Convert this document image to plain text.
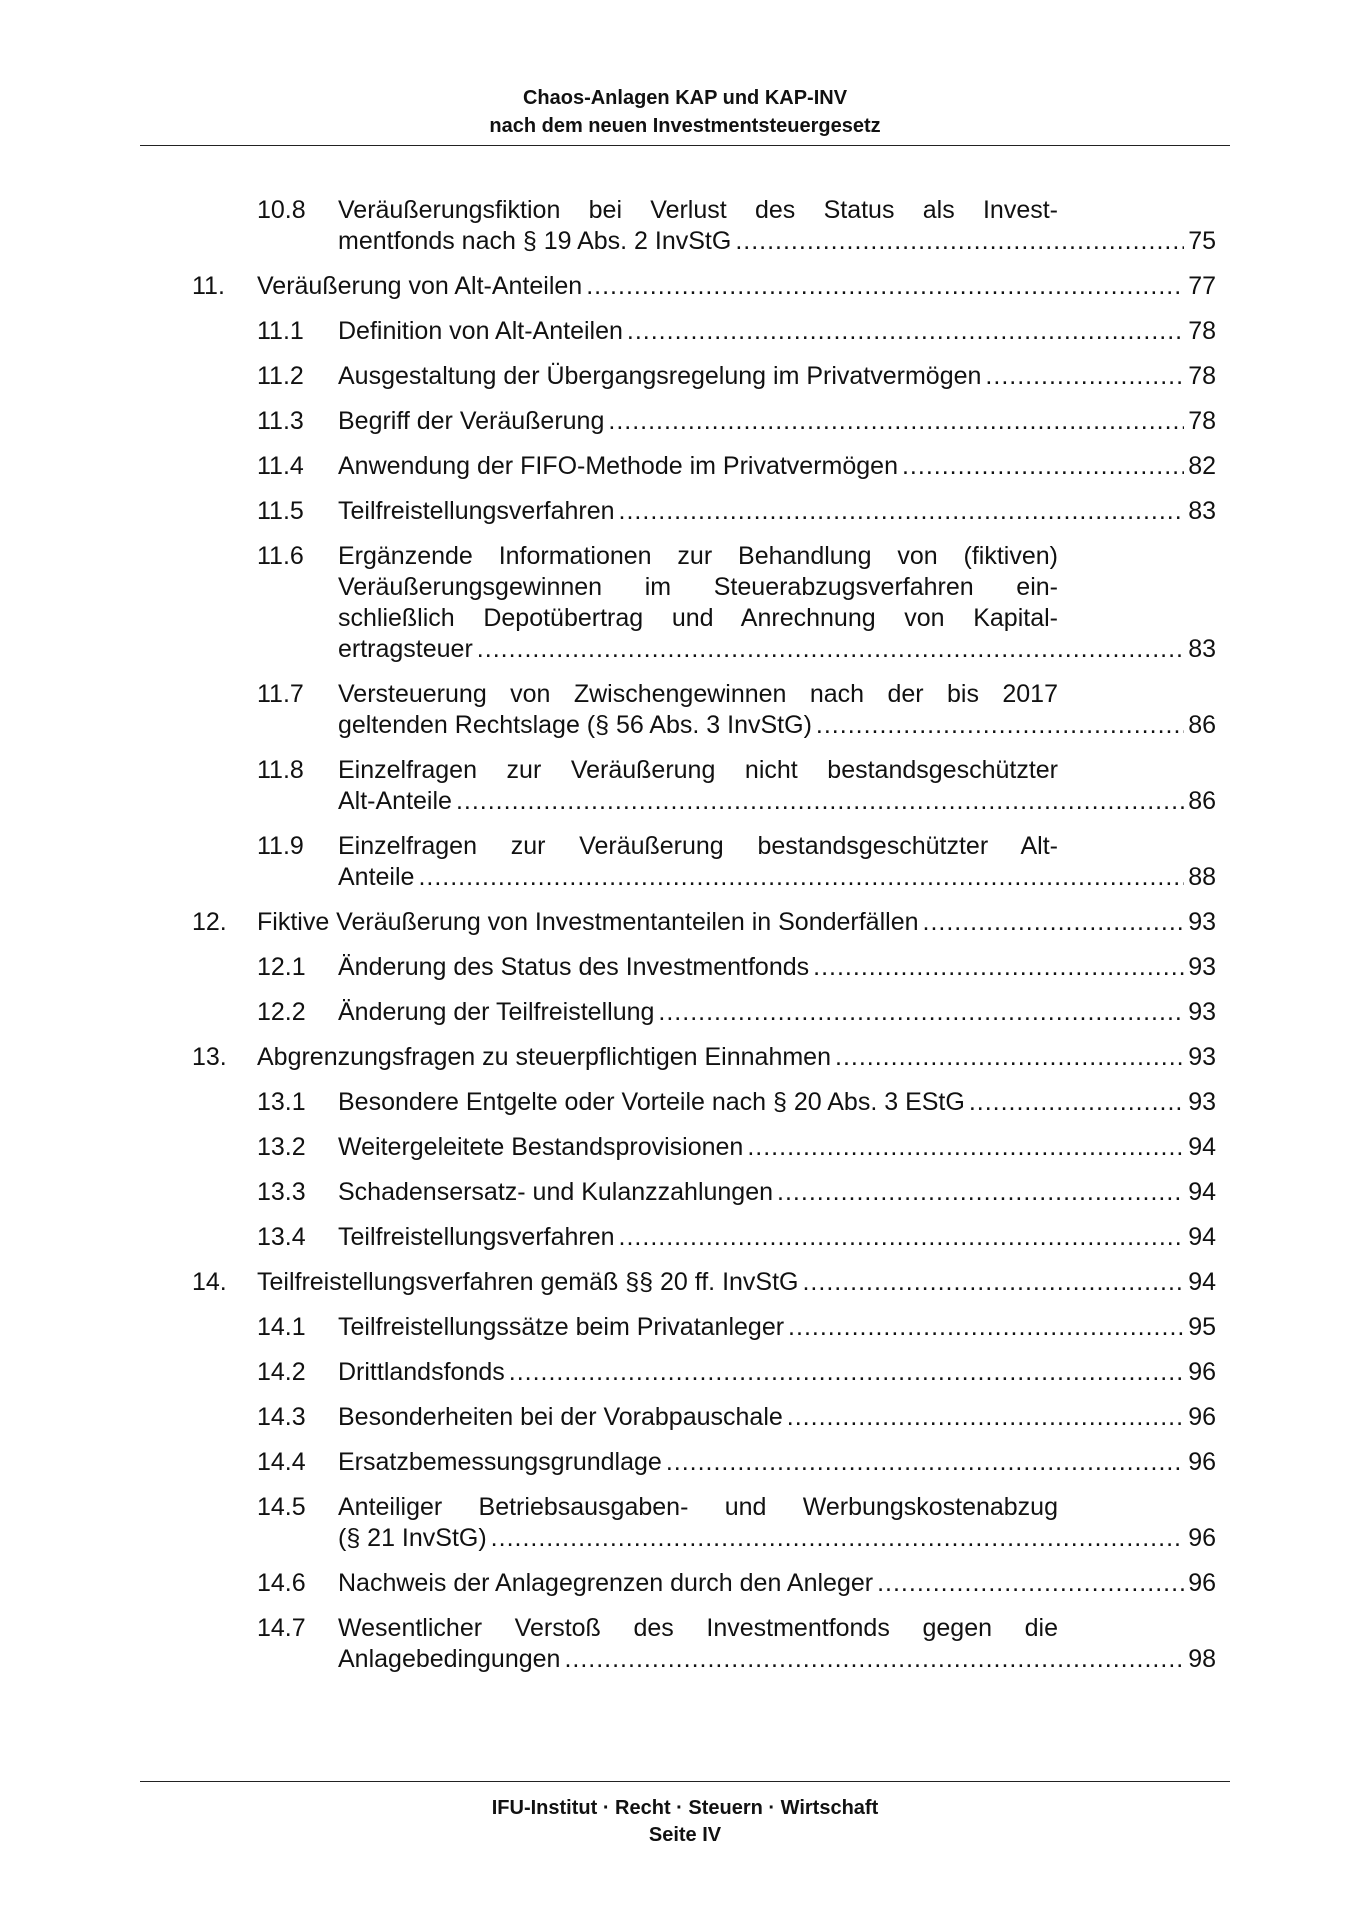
Chaos-Anlagen KAP und KAP-INV
nach dem neuen Investmentsteuergesetz
10.8 Veräußerungsfiktion bei Verlust des Status als Invest-
mentfonds nach § 19 Abs. 2 InvStG .....	75
11. Veräußerung von Alt-Anteilen .....	77
11.1 Definition von Alt-Anteilen .....	78
11.2 Ausgestaltung der Übergangsregelung im Privatvermögen .....	78
11.3 Begriff der Veräußerung .....	78
11.4 Anwendung der FIFO-Methode im Privatvermögen .....	82
11.5 Teilfreistellungsverfahren .....	83
11.6 Ergänzende Informationen zur Behandlung von (fiktiven)
Veräußerungsgewinnen im Steuerabzugsverfahren ein-
schließlich Depotübertrag und Anrechnung von Kapital-
ertragsteuer .....	83
11.7 Versteuerung von Zwischengewinnen nach der bis 2017
geltenden Rechtslage (§ 56 Abs. 3 InvStG) .....	86
11.8 Einzelfragen zur Veräußerung nicht bestandsgeschützter
Alt-Anteile .....	86
11.9 Einzelfragen zur Veräußerung bestandsgeschützter Alt-
Anteile .....	88
12. Fiktive Veräußerung von Investmentanteilen in Sonderfällen .....	93
12.1 Änderung des Status des Investmentfonds .....	93
12.2 Änderung der Teilfreistellung .....	93
13. Abgrenzungsfragen zu steuerpflichtigen Einnahmen .....	93
13.1 Besondere Entgelte oder Vorteile nach § 20 Abs. 3 EStG .....	93
13.2 Weitergeleitete Bestandsprovisionen .....	94
13.3 Schadensersatz- und Kulanzzahlungen .....	94
13.4 Teilfreistellungsverfahren .....	94
14. Teilfreistellungsverfahren gemäß §§ 20 ff. InvStG .....	94
14.1 Teilfreistellungssätze beim Privatanleger .....	95
14.2 Drittlandsfonds .....	96
14.3 Besonderheiten bei der Vorabpauschale .....	96
14.4 Ersatzbemessungsgrundlage .....	96
14.5 Anteiliger Betriebsausgaben- und Werbungskostenabzug
(§ 21 InvStG) .....	96
14.6 Nachweis der Anlagegrenzen durch den Anleger .....	96
14.7 Wesentlicher Verstoß des Investmentfonds gegen die
Anlagebedingungen .....	98
IFU-Institut · Recht · Steuern · Wirtschaft
Seite IV
